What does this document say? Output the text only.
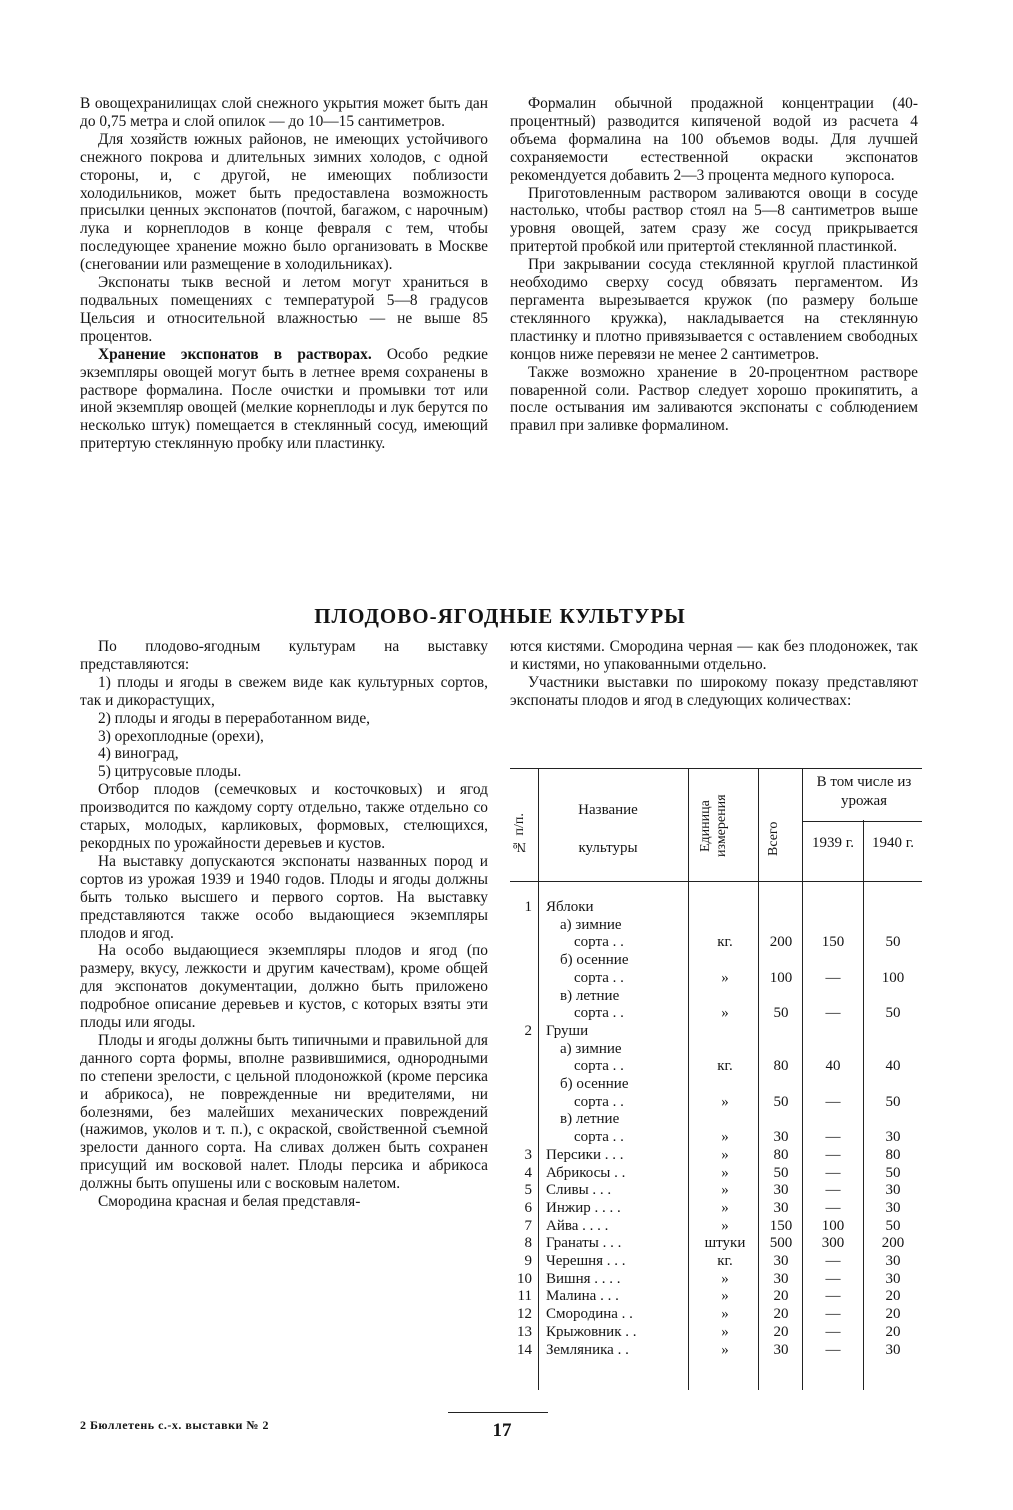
В овощехранилищах слой снежного укрытия может быть дан до 0,75 метра и слой опилок — до 10—15 сантиметров.

Для хозяйств южных районов, не имеющих устойчивого снежного покрова и длительных зимних холодов, с одной стороны, и, с другой, не имеющих поблизости холодильников, может быть предоставлена возможность присылки ценных экспонатов (почтой, багажом, с нарочным) лука и корнеплодов в конце февраля с тем, чтобы последующее хранение можно было организовать в Москве (снеговании или размещение в холодильниках).

Экспонаты тыкв весной и летом могут храниться в подвальных помещениях с температурой 5—8 градусов Цельсия и относительной влажностью — не выше 85 процентов.

Хранение экспонатов в растворах. Особо редкие экземпляры овощей могут быть в летнее время сохранены в растворе формалина. После очистки и промывки тот или иной экземпляр овощей (мелкие корнеплоды и лук берутся по несколько штук) помещается в стеклянный сосуд, имеющий притертую стеклянную пробку или пластинку.

Формалин обычной продажной концентрации (40-процентный) разводится кипяченой водой из расчета 4 объема формалина на 100 объемов воды. Для лучшей сохраняемости естественной окраски экспонатов рекомендуется добавить 2—3 процента медного купороса.

Приготовленным раствором заливаются овощи в сосуде настолько, чтобы раствор стоял на 5—8 сантиметров выше уровня овощей, затем сразу же сосуд прикрывается притертой пробкой или притертой стеклянной пластинкой.

При закрывании сосуда стеклянной круглой пластинкой необходимо сверху сосуд обвязать пергаментом. Из пергамента вырезывается кружок (по размеру больше стеклянного кружка), накладывается на стеклянную пластинку и плотно привязывается с оставлением свободных концов ниже перевязи не менее 2 сантиметров.

Также возможно хранение в 20-процентном растворе поваренной соли. Раствор следует хорошо прокипятить, а после остывания им заливаются экспонаты с соблюдением правил при заливке формалином.

ПЛОДОВО-ЯГОДНЫЕ КУЛЬТУРЫ

По плодово-ягодным культурам на выставку представляются:

1) плоды и ягоды в свежем виде как культурных сортов, так и дикорастущих,

2) плоды и ягоды в переработанном виде,

3) орехоплодные (орехи),

4) виноград,

5) цитрусовые плоды.

Отбор плодов (семечковых и косточковых) и ягод производится по каждому сорту отдельно, также отдельно со старых, молодых, карликовых, формовых, стелющихся, рекордных по урожайности деревьев и кустов.

На выставку допускаются экспонаты названных пород и сортов из урожая 1939 и 1940 годов. Плоды и ягоды должны быть только высшего и первого сортов. На выставку представляются также особо выдающиеся экземпляры плодов и ягод.

На особо выдающиеся экземпляры плодов и ягод (по размеру, вкусу, лежкости и другим качествам), кроме общей для экспонатов документации, должно быть приложено подробное описание деревьев и кустов, с которых взяты эти плоды или ягоды.

Плоды и ягоды должны быть типичными и правильной для данного сорта формы, вполне развившимися, однородными по степени зрелости, с цельной плодоножкой (кроме персика и абрикоса), не поврежденные ни вредителями, ни болезнями, без малейших механических повреждений (нажимов, уколов и т. п.), с окраской, свойственной съемной зрелости данного сорта. На сливах должен быть сохранен присущий им восковой налет. Плоды персика и абрикоса должны быть опушены или с восковым налетом.

Смородина красная и белая представля-

ются кистями. Смородина черная — как без плодоножек, так и кистями, но упакованными отдельно.

Участники выставки по широкому показу представляют экспонаты плодов и ягод в следующих количествах:

№ п/п.
Название
культуры	Единица измерения	Всего
В том числе из урожая
1939 г.	1940 г.
1 Яблоки
а) зимние
сорта . .	кг.	200	150	50
б) осенние
сорта . .	»	100	—	100
в) летние
сорта . .	»	50	—	50
2 Груши
а) зимние
сорта . .	кг.	80	40	40
б) осенние
сорта . .	»	50	—	50
в) летние
сорта . .	»	30	—	30
3 Персики . . .	»	80	—	80
4 Абрикосы . .	»	50	—	50
5 Сливы . . .	»	30	—	30
6 Инжир . . . .	»	30	—	30
7 Айва . . . .	»	150	100	50
8 Гранаты . . .	штуки	500	300	200
9 Черешня . . .	кг.	30	—	30
10 Вишня . . . .	»	30	—	30
11 Малина . . .	»	20	—	20
12 Смородина . .	»	20	—	20
13 Крыжовник . .	»	20	—	20
14 Земляника . .	»	30	—	30
2 Бюллетень с.-х. выставки № 2	17
